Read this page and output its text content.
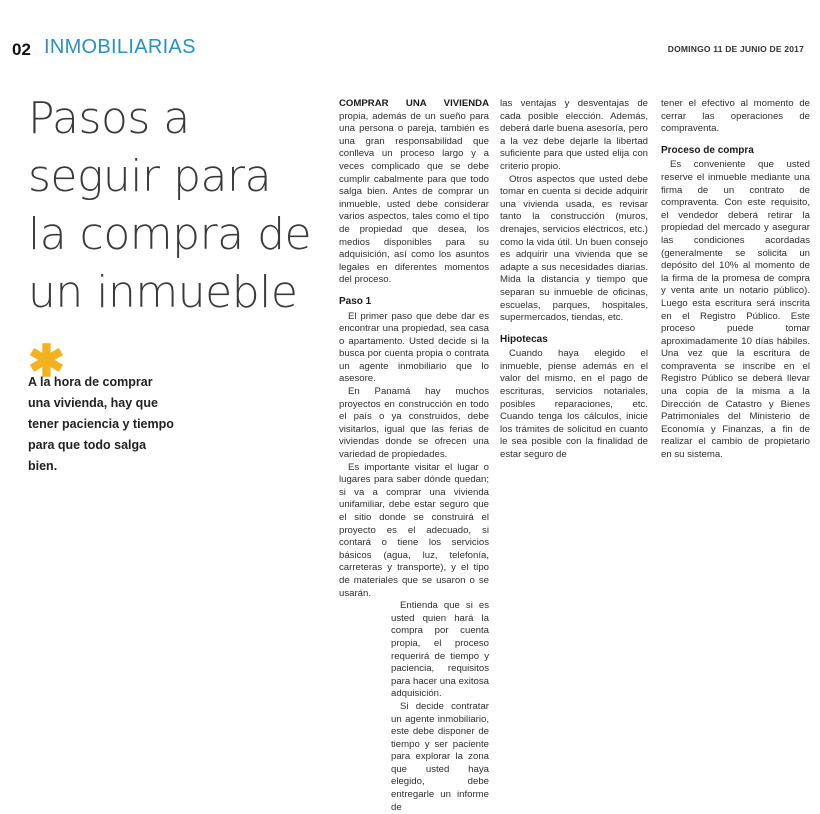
02 INMOBILIARIAS	DOMINGO 11 DE JUNIO DE 2017
Pasos a
seguir para
la compra de
un inmueble
✱
A la hora de comprar una vivienda, hay que tener paciencia y tiempo para que todo salga bien.

COMPRAR UNA VIVIENDA propia, además de un sueño para una persona o pareja, también es una gran responsabilidad que conlleva un proceso largo y a veces complicado que se debe cumplir cabalmente para que todo salga bien. Antes de comprar un inmueble, usted debe considerar varios aspectos, tales como el tipo de propiedad que desea, los medios disponibles para su adquisición, así como los asuntos legales en diferentes momentos del proceso.

Paso 1

El primer paso que debe dar es encontrar una propiedad, sea casa o apartamento. Usted decide si la busca por cuenta propia o contrata un agente inmobiliario que lo asesore.

En Panamá hay muchos proyectos en construcción en todo el país o ya construidos, debe visitarlos, igual que las ferias de viviendas donde se ofrecen una variedad de propiedades.

Es importante visitar el lugar o lugares para saber dónde quedan; si va a comprar una vivienda unifamiliar, debe estar seguro que el sitio donde se construirá el proyecto es el adecuado, si contará o tiene los servicios básicos (agua, luz, telefonía, carreteras y transporte), y el tipo de materiales que se usaron o se usarán.

Entienda que si es usted quien hará la compra por cuenta propia, el proceso requerirá de tiempo y paciencia, requisitos para hacer una exitosa adquisición.

Si decide contratar un agente inmobiliario, este debe disponer de tiempo y ser paciente para explorar la zona que usted haya elegido, debe entregarle un informe de

las ventajas y desventajas de cada posible elección. Además, deberá darle buena asesoría, pero a la vez debe dejarle la libertad suficiente para que usted elija con criterio propio.

Otros aspectos que usted debe tomar en cuenta si decide adquirir una vivienda usada, es revisar tanto la construcción (muros, drenajes, servicios eléctricos, etc.) como la vida útil. Un buen consejo es adquirir una vivienda que se adapte a sus necesidades diarias. Mida la distancia y tiempo que separan su inmueble de oficinas, escuelas, parques, hospitales, supermercados, tiendas, etc.

Hipotecas

Cuando haya elegido el inmueble, piense además en el valor del mismo, en el pago de escrituras, servicios notariales, posibles reparaciones, etc. Cuando tenga los cálculos, inicie los trámites de solicitud en cuanto le sea posible con la finalidad de estar seguro de

tener el efectivo al momento de cerrar las operaciones de compraventa.

Proceso de compra

Es conveniente que usted reserve el inmueble mediante una firma de un contrato de compraventa. Con este requisito, el vendedor deberá retirar la propiedad del mercado y asegurar las condiciones acordadas (generalmente se solicita un depósito del 10% al momento de la firma de la promesa de compra y venta ante un notario público). Luego esta escritura será inscrita en el Registro Público. Este proceso puede tomar aproximadamente 10 días hábiles. Una vez que la escritura de compraventa se inscribe en el Registro Público se deberá llevar una copia de la misma a la Dirección de Catastro y Bienes Patrimoniales del Ministerio de Economía y Finanzas, a fin de realizar el cambio de propietario en su sistema.
